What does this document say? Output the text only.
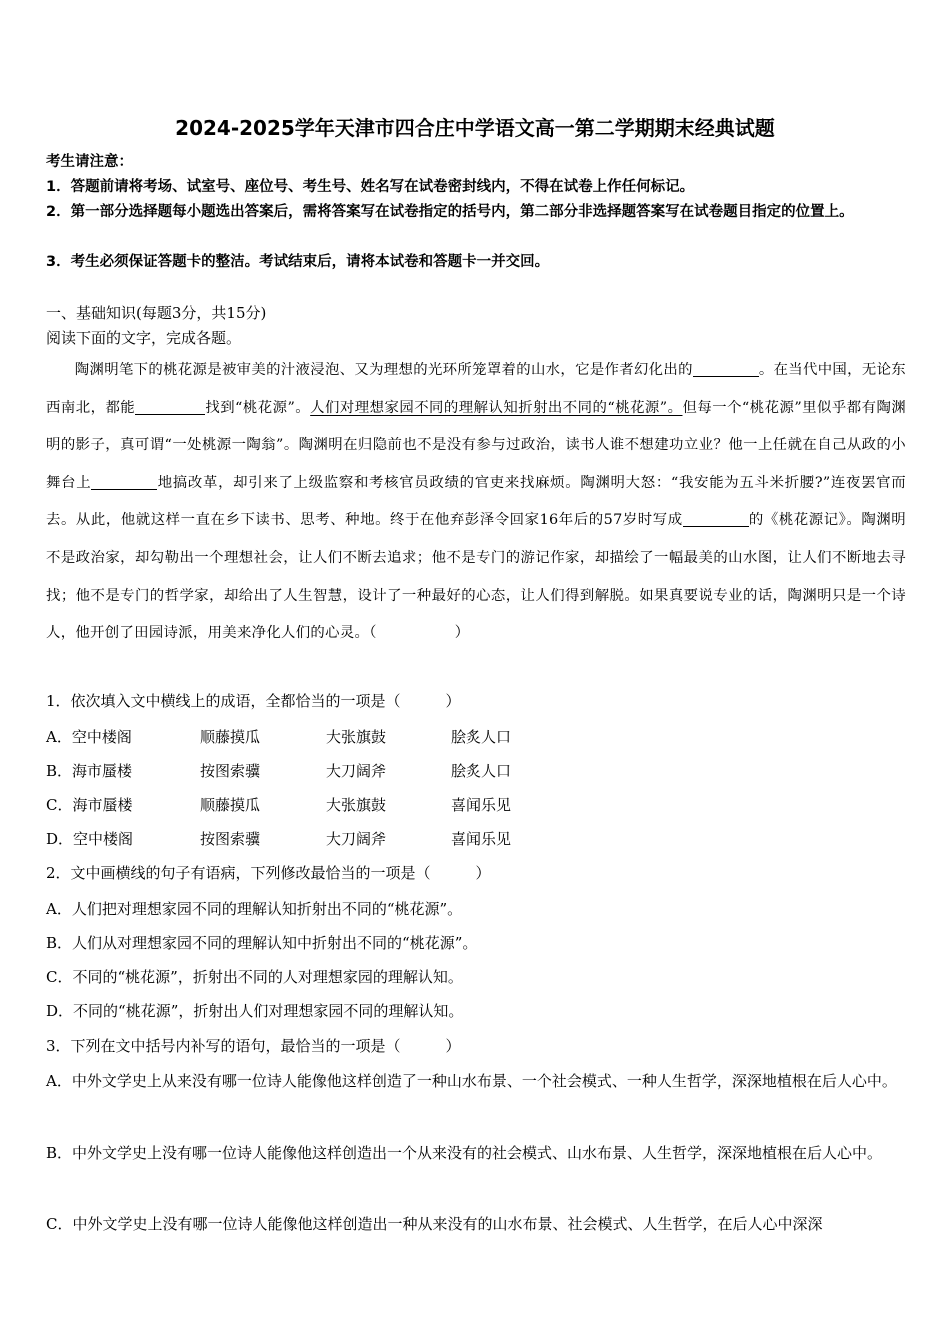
2024-2025学年天津市四合庄中学语文高一第二学期期末经典试题
考生请注意：
1．答题前请将考场、试室号、座位号、考生号、姓名写在试卷密封线内，不得在试卷上作任何标记。
2．第一部分选择题每小题选出答案后，需将答案写在试卷指定的括号内，第二部分非选择题答案写在试卷题目指定的位置上。
3．考生必须保证答题卡的整洁。考试结束后，请将本试卷和答题卡一并交回。
一、基础知识(每题3分，共15分)
阅读下面的文字，完成各题。
陶渊明笔下的桃花源是被审美的汁液浸泡、又为理想的光环所笼罩着的山水，它是作者幻化出的	。在当代中国，无论东西南北，都能	找到“桃花源”。人们对理想家园不同的理解认知折射出不同的“桃花源”。但每一个“桃花源”里似乎都有陶渊明的影子，真可谓“一处桃源一陶翁”。陶渊明在归隐前也不是没有参与过政治，读书人谁不想建功立业？他一上任就在自己从政的小舞台上	地搞改革，却引来了上级监察和考核官员政绩的官吏来找麻烦。陶渊明大怒：“我安能为五斗米折腰?”连夜罢官而去。从此，他就这样一直在乡下读书、思考、种地。终于在他弃彭泽令回家16年后的57岁时写成	的《桃花源记》。陶渊明不是政治家，却勾勒出一个理想社会，让人们不断去追求；他不是专门的游记作家，却描绘了一幅最美的山水图，让人们不断地去寻找；他不是专门的哲学家，却给出了人生智慧，设计了一种最好的心态，让人们得到解脱。如果真要说专业的话，陶渊明只是一个诗人，他开创了田园诗派，用美来净化人们的心灵。（	）
1．依次填入文中横线上的成语，全都恰当的一项是（　　　）
A．空中楼阁	顺藤摸瓜	大张旗鼓	脍炙人口
B．海市蜃楼	按图索骥	大刀阔斧	脍炙人口
C．海市蜃楼	顺藤摸瓜	大张旗鼓	喜闻乐见
D．空中楼阁	按图索骥	大刀阔斧	喜闻乐见
2．文中画横线的句子有语病，下列修改最恰当的一项是（　　　）
A．人们把对理想家园不同的理解认知折射出不同的“桃花源”。
B．人们从对理想家园不同的理解认知中折射出不同的“桃花源”。
C．不同的“桃花源”，折射出不同的人对理想家园的理解认知。
D．不同的“桃花源”，折射出人们对理想家园不同的理解认知。
3．下列在文中括号内补写的语句，最恰当的一项是（　　　）
A．中外文学史上从来没有哪一位诗人能像他这样创造了一种山水布景、一个社会模式、一种人生哲学，深深地植根在后人心中。
B．中外文学史上没有哪一位诗人能像他这样创造出一个从来没有的社会模式、山水布景、人生哲学，深深地植根在后人心中。
C．中外文学史上没有哪一位诗人能像他这样创造出一种从来没有的山水布景、社会模式、人生哲学，在后人心中深深
